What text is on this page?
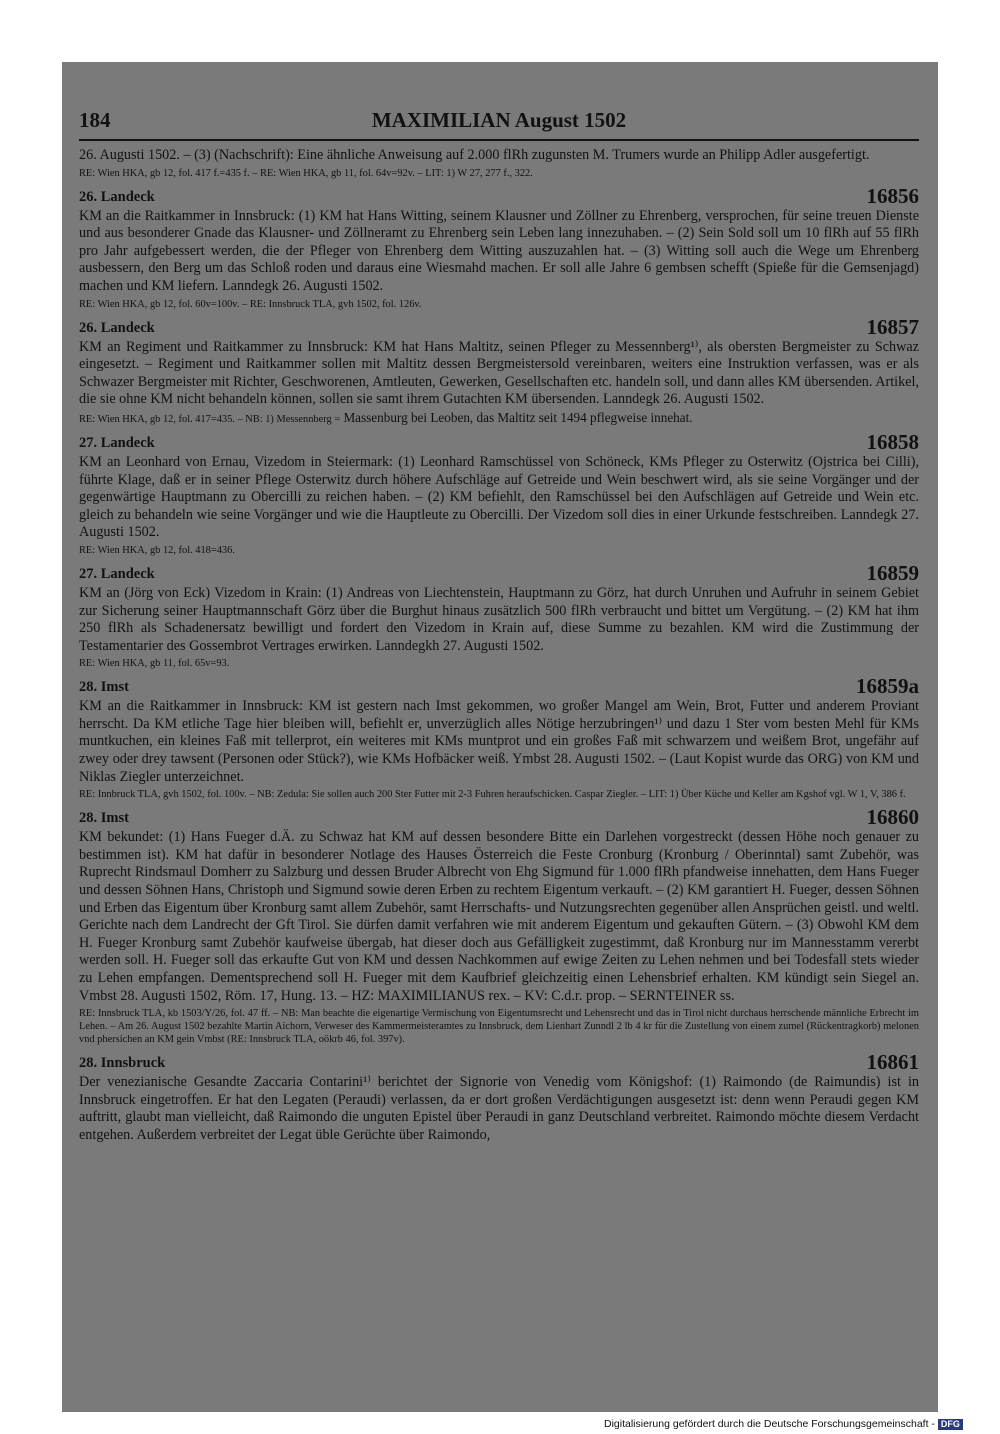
184	MAXIMILIAN August 1502

26. Augusti 1502. – (3) (Nachschrift): Eine ähnliche Anweisung auf 2.000 flRh zugunsten M. Trumers wurde an Philipp Adler ausgefertigt.

RE: Wien HKA, gb 12, fol. 417 f.=435 f. – RE: Wien HKA, gb 11, fol. 64v=92v. – LIT: 1) W 27, 277 f., 322.

26. Landeck	16856

KM an die Raitkammer in Innsbruck: (1) KM hat Hans Witting, seinem Klausner und Zöllner zu Ehrenberg, versprochen, für seine treuen Dienste und aus besonderer Gnade das Klausner- und Zöllneramt zu Ehrenberg sein Leben lang innezuhaben. – (2) Sein Sold soll um 10 flRh auf 55 flRh pro Jahr aufgebessert werden, die der Pfleger von Ehrenberg dem Witting auszuzahlen hat. – (3) Witting soll auch die Wege um Ehrenberg ausbessern, den Berg um das Schloß roden und daraus eine Wiesmahd machen. Er soll alle Jahre 6 gembsen schefft (Spieße für die Gemsenjagd) machen und KM liefern. Lanndegk 26. Augusti 1502.

RE: Wien HKA, gb 12, fol. 60v=100v. – RE: Innsbruck TLA, gvh 1502, fol. 126v.

26. Landeck	16857

KM an Regiment und Raitkammer zu Innsbruck: KM hat Hans Maltitz, seinen Pfleger zu Messennberg¹⁾, als obersten Bergmeister zu Schwaz eingesetzt. – Regiment und Raitkammer sollen mit Maltitz dessen Bergmeistersold vereinbaren, weiters eine Instruktion verfassen, was er als Schwazer Bergmeister mit Richter, Geschworenen, Amtleuten, Gewerken, Gesellschaften etc. handeln soll, und dann alles KM übersenden. Artikel, die sie ohne KM nicht behandeln können, sollen sie samt ihrem Gutachten KM übersenden. Lanndegk 26. Augusti 1502.

RE: Wien HKA, gb 12, fol. 417=435. – NB: 1) Messennberg = Massenburg bei Leoben, das Maltitz seit 1494 pflegweise innehat.

27. Landeck	16858

KM an Leonhard von Ernau, Vizedom in Steiermark: (1) Leonhard Ramschüssel von Schöneck, KMs Pfleger zu Osterwitz (Ojstrica bei Cilli), führte Klage, daß er in seiner Pflege Osterwitz durch höhere Aufschläge auf Getreide und Wein beschwert wird, als sie seine Vorgänger und der gegenwärtige Hauptmann zu Obercilli zu reichen haben. – (2) KM befiehlt, den Ramschüssel bei den Aufschlägen auf Getreide und Wein etc. gleich zu behandeln wie seine Vorgänger und wie die Hauptleute zu Obercilli. Der Vizedom soll dies in einer Urkunde festschreiben. Lanndegk 27. Augusti 1502.

RE: Wien HKA, gb 12, fol. 418=436.

27. Landeck	16859

KM an (Jörg von Eck) Vizedom in Krain: (1) Andreas von Liechtenstein, Hauptmann zu Görz, hat durch Unruhen und Aufruhr in seinem Gebiet zur Sicherung seiner Hauptmannschaft Görz über die Burghut hinaus zusätzlich 500 flRh verbraucht und bittet um Vergütung. – (2) KM hat ihm 250 flRh als Schadenersatz bewilligt und fordert den Vizedom in Krain auf, diese Summe zu bezahlen. KM wird die Zustimmung der Testamentarier des Gossembrot Vertrages erwirken. Lanndegkh 27. Augusti 1502.

RE: Wien HKA, gb 11, fol. 65v=93.

28. Imst	16859a

KM an die Raitkammer in Innsbruck: KM ist gestern nach Imst gekommen, wo großer Mangel am Wein, Brot, Futter und anderem Proviant herrscht. Da KM etliche Tage hier bleiben will, befiehlt er, unverzüglich alles Nötige herzubringen¹⁾ und dazu 1 Ster vom besten Mehl für KMs muntkuchen, ein kleines Faß mit tellerprot, ein weiteres mit KMs muntprot und ein großes Faß mit schwarzem und weißem Brot, ungefähr auf zwey oder drey tawsent (Personen oder Stück?), wie KMs Hofbäcker weiß. Ymbst 28. Augusti 1502. – (Laut Kopist wurde das ORG) von KM und Niklas Ziegler unterzeichnet.

RE: Innbruck TLA, gvh 1502, fol. 100v. – NB: Zedula: Sie sollen auch 200 Ster Futter mit 2-3 Fuhren heraufschicken. Caspar Ziegler. – LIT: 1) Über Küche und Keller am Kgshof vgl. W 1, V, 386 f.

28. Imst	16860

KM bekundet: (1) Hans Fueger d.Ä. zu Schwaz hat KM auf dessen besondere Bitte ein Darlehen vorgestreckt (dessen Höhe noch genauer zu bestimmen ist). KM hat dafür in besonderer Notlage des Hauses Österreich die Feste Cronburg (Kronburg / Oberinntal) samt Zubehör, was Ruprecht Rindsmaul Domherr zu Salzburg und dessen Bruder Albrecht von Ehg Sigmund für 1.000 flRh pfandweise innehatten, dem Hans Fueger und dessen Söhnen Hans, Christoph und Sigmund sowie deren Erben zu rechtem Eigentum verkauft. – (2) KM garantiert H. Fueger, dessen Söhnen und Erben das Eigentum über Kronburg samt allem Zubehör, samt Herrschafts- und Nutzungsrechten gegenüber allen Ansprüchen geistl. und weltl. Gerichte nach dem Landrecht der Gft Tirol. Sie dürfen damit verfahren wie mit anderem Eigentum und gekauften Gütern. – (3) Obwohl KM dem H. Fueger Kronburg samt Zubehör kaufweise übergab, hat dieser doch aus Gefälligkeit zugestimmt, daß Kronburg nur im Mannesstamm vererbt werden soll. H. Fueger soll das erkaufte Gut von KM und dessen Nachkommen auf ewige Zeiten zu Lehen nehmen und bei Todesfall stets wieder zu Lehen empfangen. Dementsprechend soll H. Fueger mit dem Kaufbrief gleichzeitig einen Lehensbrief erhalten. KM kündigt sein Siegel an. Vmbst 28. Augusti 1502, Röm. 17, Hung. 13. – HZ: MAXIMILIANUS rex. – KV: C.d.r. prop. – SERNTEINER ss.

RE: Innsbruck TLA, kb 1503/Y/26, fol. 47 ff. – NB: Man beachte die eigenartige Vermischung von Eigentumsrecht und Lehensrecht und das in Tirol nicht durchaus herrschende männliche Erbrecht im Lehen. – Am 26. August 1502 bezahlte Martin Aichorn, Verweser des Kammermeisteramtes zu Innsbruck, dem Lienhart Zunndl 2 lb 4 kr für die Zustellung von einem zumel (Rückentragkorb) melonen vnd phersichen an KM gein Vmbst (RE: Innsbruck TLA, oökrb 46, fol. 397v).

28. Innsbruck	16861

Der venezianische Gesandte Zaccaria Contarini¹⁾ berichtet der Signorie von Venedig vom Königshof: (1) Raimondo (de Raimundis) ist in Innsbruck eingetroffen. Er hat den Legaten (Peraudi) verlassen, da er dort großen Verdächtigungen ausgesetzt ist: denn wenn Peraudi gegen KM auftritt, glaubt man vielleicht, daß Raimondo die unguten Epistel über Peraudi in ganz Deutschland verbreitet. Raimondo möchte diesem Verdacht entgehen. Außerdem verbreitet der Legat üble Gerüchte über Raimondo,

Digitalisierung gefördert durch die Deutsche Forschungsgemeinschaft - DFG
